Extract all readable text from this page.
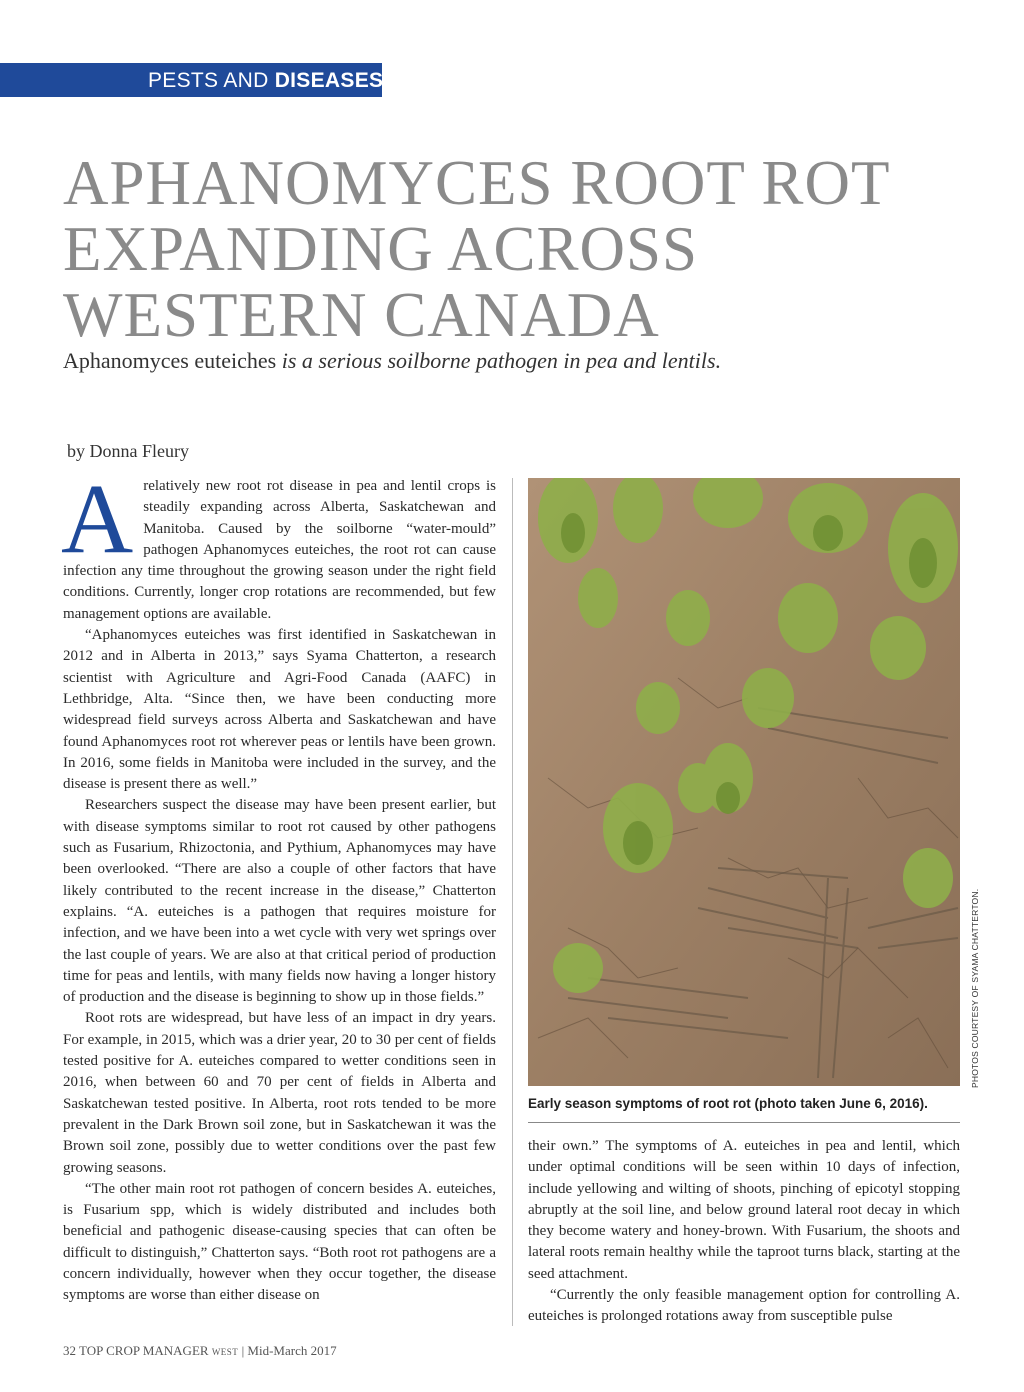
PESTS AND DISEASES
APHANOMYCES ROOT ROT
EXPANDING ACROSS
WESTERN CANADA
Aphanomyces euteiches is a serious soilborne pathogen in pea and lentils.
by Donna Fleury

Arelatively new root rot disease in pea and lentil crops is steadily expanding across Alberta, Saskatchewan and Manitoba. Caused by the soilborne “water-mould” pathogen Aphanomyces euteiches, the root rot can cause infection any time throughout the growing season under the right field conditions. Currently, longer crop rotations are recommended, but few management options are available.

“Aphanomyces euteiches was first identified in Saskatchewan in 2012 and in Alberta in 2013,” says Syama Chatterton, a research scientist with Agriculture and Agri-Food Canada (AAFC) in Lethbridge, Alta. “Since then, we have been conducting more widespread field surveys across Alberta and Saskatchewan and have found Aphanomyces root rot wherever peas or lentils have been grown. In 2016, some fields in Manitoba were included in the survey, and the disease is present there as well.”

Researchers suspect the disease may have been present earlier, but with disease symptoms similar to root rot caused by other pathogens such as Fusarium, Rhizoctonia, and Pythium, Aphanomyces may have been overlooked. “There are also a couple of other factors that have likely contributed to the recent increase in the disease,” Chatterton explains. “A. euteiches is a pathogen that requires moisture for infection, and we have been into a wet cycle with very wet springs over the last couple of years. We are also at that critical period of production time for peas and lentils, with many fields now having a longer history of production and the disease is beginning to show up in those fields.”

Root rots are widespread, but have less of an impact in dry years. For example, in 2015, which was a drier year, 20 to 30 per cent of fields tested positive for A. euteiches compared to wetter conditions seen in 2016, when between 60 and 70 per cent of fields in Alberta and Saskatchewan tested positive. In Alberta, root rots tended to be more prevalent in the Dark Brown soil zone, but in Saskatchewan it was the Brown soil zone, possibly due to wetter conditions over the past few growing seasons.

“The other main root rot pathogen of concern besides A. euteiches, is Fusarium spp, which is widely distributed and includes both beneficial and pathogenic disease-causing species that can often be difficult to distinguish,” Chatterton says. “Both root rot pathogens are a concern individually, however when they occur together, the disease symptoms are worse than either disease on

PHOTOS COURTESY OF SYAMA CHATTERTON.
Early season symptoms of root rot (photo taken June 6, 2016).

their own.” The symptoms of A. euteiches in pea and lentil, which under optimal conditions will be seen within 10 days of infection, include yellowing and wilting of shoots, pinching of epicotyl stopping abruptly at the soil line, and below ground lateral root decay in which they become watery and honey-brown. With Fusarium, the shoots and lateral roots remain healthy while the taproot turns black, starting at the seed attachment.

“Currently the only feasible management option for controlling A. euteiches is prolonged rotations away from susceptible pulse

32 TOP CROP MANAGER WEST | Mid-March 2017
